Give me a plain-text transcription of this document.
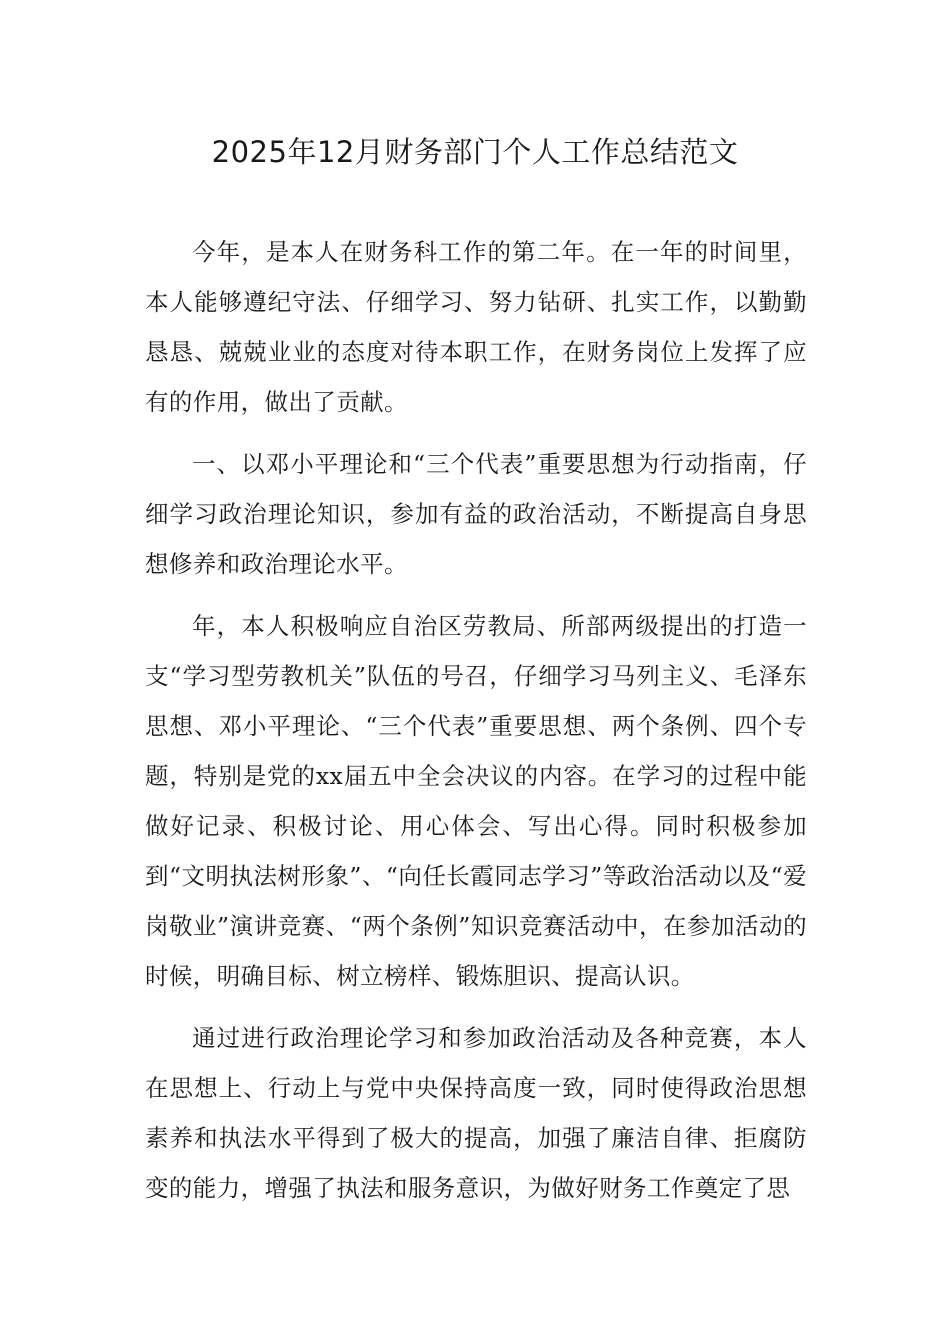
2025年12月财务部门个人工作总结范文

今年，是本人在财务科工作的第二年。在一年的时间里，本人能够遵纪守法、仔细学习、努力钻研、扎实工作，以勤勤恳恳、兢兢业业的态度对待本职工作，在财务岗位上发挥了应有的作用，做出了贡献。

一、以邓小平理论和“三个代表”重要思想为行动指南，仔细学习政治理论知识，参加有益的政治活动，不断提高自身思想修养和政治理论水平。

年，本人积极响应自治区劳教局、所部两级提出的打造一支“学习型劳教机关”队伍的号召，仔细学习马列主义、毛泽东思想、邓小平理论、“三个代表”重要思想、两个条例、四个专题，特别是党的xx届五中全会决议的内容。在学习的过程中能做好记录、积极讨论、用心体会、写出心得。同时积极参加到“文明执法树形象”、“向任长霞同志学习”等政治活动以及“爱岗敬业”演讲竞赛、“两个条例”知识竞赛活动中，在参加活动的时候，明确目标、树立榜样、锻炼胆识、提高认识。

通过进行政治理论学习和参加政治活动及各种竞赛，本人在思想上、行动上与党中央保持高度一致，同时使得政治思想素养和执法水平得到了极大的提高，加强了廉洁自律、拒腐防变的能力，增强了执法和服务意识，为做好财务工作奠定了思
